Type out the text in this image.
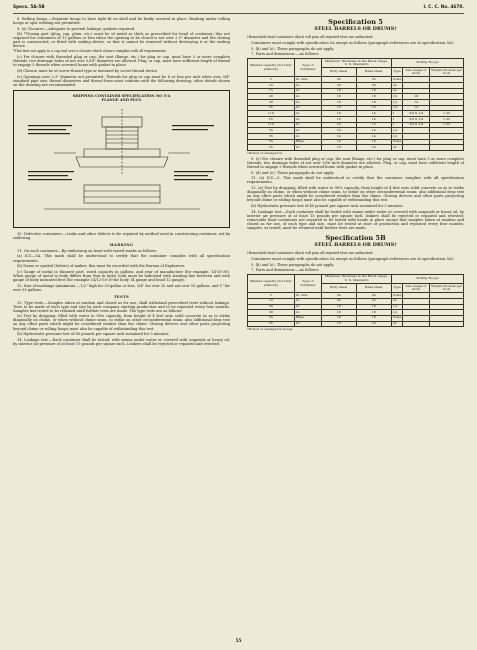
Specs. 5A-5B	I. C. C. No. 4670.

8. Rolling hoops.—Separate hoops to have tight fit on shell and be firmly secured in place. Beading under rolling hoops or spot welding not permitted.

9. (a) Closures.—Adequate to prevent leakage; gaskets required.

(b) *Closing part (plug, cap, plate, etc.) must be of metal as thick as prescribed for head of container; this not required for containers of 12 gallons or less when the opening to be closed is not over 2.3" diameter and the closing part is constructed, or fitted with sealing device, so that it cannot be removed without destroying it or the sealing device.

*This does not apply to a cap seal over a closure which closure complies with all requirements.

(c) For closure with threaded plug or cap, the seat (flange, etc.) for plug or cap, must have 5 or more complete threads; two drainage holes of not over 5/16" diameter are allowed. Plug, or cap, must have sufficient length of thread to engage 5 threads when screwed home with gasket in place.

(d) Closure must be of screw-thread type or fastened by screw-thread device.

(e) Openings over 2.3" diameter not permitted. Threads for plug or cap must be 8 or less per inch when over 3/4" standard pipe size; thread diameters and thread form must conform with the following drawing; other details shown on the drawing are recommended.

SHIPPING CONTAINER SPECIFICATION NO 5-A
FLANGE AND PLUG

10. Defective containers.—Leaks and other defects to be repaired by method used in constructing container, not by soldering.

MARKING

11. On each container.—By embossing on head with raised marks as follows:

(a) ICC—5A. This mark shall be understood to certify that the container complies with all specification requirements.

(b) Name or symbol (letters) of maker; this must be recorded with the Bureau of Explosives.

(c) Gauge of metal in thinnest part, rated capacity in gallons, and year of manufacture (for example, 14-55-39). When gauge of metal in body differs from that in head, both must be indicated with slanting line between and with gauge of body indicated first (for example 14/12-55-39 for body 14 gauge and head 12 gauge).

12. Size of markings (minimum).—1/2" high for 20-gallon or less, 3/4" for over 20 and not over 55 gallons, and 1" for over 55 gallons.

TESTS

13. Type tests.—Samples taken at random and closed as for use, shall withstand prescribed tests without leakage. Tests to be made of each type and size by each company starting production and to be repeated every four months. Samples last tested to be retained until further tests are made. The type tests are as follows:

(a) Test by dropping, filled with water to 98% capacity, from height of 4 feet onto solid concrete so as to strike diagonally on chime, or when without chime seam, to strike on other circumferential seam; also additional drop test on any other parts which might be considered weaker than the chime. Closing devices and other parts projecting beyond chime or rolling hoops must also be capable of withstanding this test.

(b) Hydrostatic pressure test of 80 pounds per square inch sustained for 5 minutes.

14. Leakage test.—Each container shall be tested, with seams under water or covered with soapsuds or heavy oil, by interior air pressure of at least 15 pounds per square inch. Leakers shall be rejected or repaired and retested.

Specification 5
STEEL BARRELS OR DRUMS†

†Removable head containers which will pass all required tests are authorized.

Containers must comply with specification 5A except as follows (paragraph references are to specification 5A):

5. (b) and (c). These paragraphs do not apply.

7. Parts and dimensions.—As follows:

Marked capacity Not Over (Gallons)	Type of Container	Minimum Thickness in the Black (Gage, U. S. Standard)		Rolling Hoops		
		Body sheet	Head sheet	Type	Size (Gage or inch)	Weight (Pounds per foot)
5	St. side	22	22	None		
10	do	20	20	do		
15	do	18	18	do		
20	do	18	18	(1)	16	
30	do	18	18	(1)	14	
55	do	16	16	(1)	12	
110	do	16	14	I	3/4 X 1/4	1.25
55	do	16	14	I	3/4 X 1/4	1.25
110	do	14	12	I	3/4 X 1/4	1.25
55	do	16	14	(1)		
55	do	14	14	(1)		
55	Bilge	18	16	None		
55	do	16	14	do		

1Rolled or swedged in.

9. (c) For closure with threaded plug or cap, the seat (flange, etc.) for plug or cap, must have 5 or more complete threads; two drainage holes of not over 5/16 inch diameter are allowed. Plug, or cap, must have sufficient length of thread to engage 3 threads when screwed home with gasket in place.

9. (d) and (e). These paragraphs do not apply.

11. (a) ICC—5. This mark shall be understood to certify that the container complies with all specification requirements.

13. (a) Test by dropping, filled with water to 98% capacity, from height of 4 feet onto solid concrete so as to strike diagonally on chime, or when without chime seam, to strike on other circumferential seam; also additional drop test on any other parts which might be considered weaker than the chime. Closing devices and other parts projecting beyond chime or rolling hoops must also be capable of withstanding this test.

(b) Hydrostatic pressure test of 40 pounds per square inch sustained for 5 minutes.

14. Leakage test.—Each container shall be tested with seams under water or covered with soapsuds or heavy oil, by interior air pressure of at least 15 pounds per square inch; leakers shall be rejected or repaired and retested; removable head containers not required to be tested with heads in place except that samples taken at random and closed as for use, of each type and size, must be tested at start of production and repeated every four months; samples, so tested, must be retained until further tests are made.

Specification 5B
STEEL BARRELS OR DRUMS†

†Removable head containers which will pass all required tests are authorized.

Containers must comply with specification 5A except as follows (paragraph references are to specification 5A):

5. (b) and (c). These paragraphs do not apply.

7. Parts and dimensions.—As follows:

Marked capacity Not Over (Gallons)	Type of Container	Minimum Thickness in the Black (Gage, U. S. Standard)		Rolling Hoops		
		Body sheet	Head sheet	Type	Size (Gage or inch)	Weight (Pounds per foot)
5	St. side	24	24	None		
10	do	22	22	do		
20	do	18	18	(1)		
30	do	18	18	(1)		
55	Bilge	18	18	None		
55	do	16	14	do		

1Rolled or swedged in hoops.

55
